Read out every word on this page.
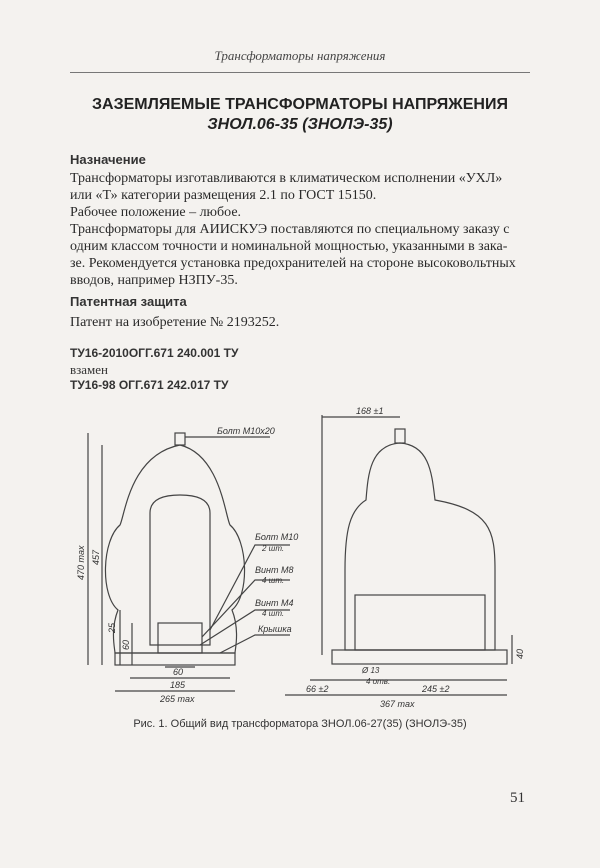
Трансформаторы напряжения
ЗАЗЕМЛЯЕМЫЕ ТРАНСФОРМАТОРЫ НАПРЯЖЕНИЯ
ЗНОЛ.06-35 (ЗНОЛЭ-35)
Назначение
Трансформаторы изготавливаются в климатическом исполнении «УХЛ»
или «Т» категории размещения 2.1 по ГОСТ 15150.
Рабочее положение – любое.
Трансформаторы для АИИСКУЭ поставляются по специальному заказу с
одним классом точности и номинальной мощностью, указанными в зака-
зе. Рекомендуется установка предохранителей на стороне высоковольтных
вводов, например НЗПУ-35.
Патентная защита
Патент на изобретение № 2193252.
ТУ16-2010ОГГ.671 240.001 ТУ
взамен
ТУ16-98 ОГГ.671 242.017 ТУ
Болт М10х20
Болт М10
2 шт.
Винт М8
4 шт.
Винт М4
4 шт.
Крышка
470 max 457
25
60
60
185
265 max
168 ±1
Ø 13
4 отв.
40
66 ±2	245 ±2
367 max
Рис. 1. Общий вид трансформатора ЗНОЛ.06-27(35) (ЗНОЛЭ-35)
51
